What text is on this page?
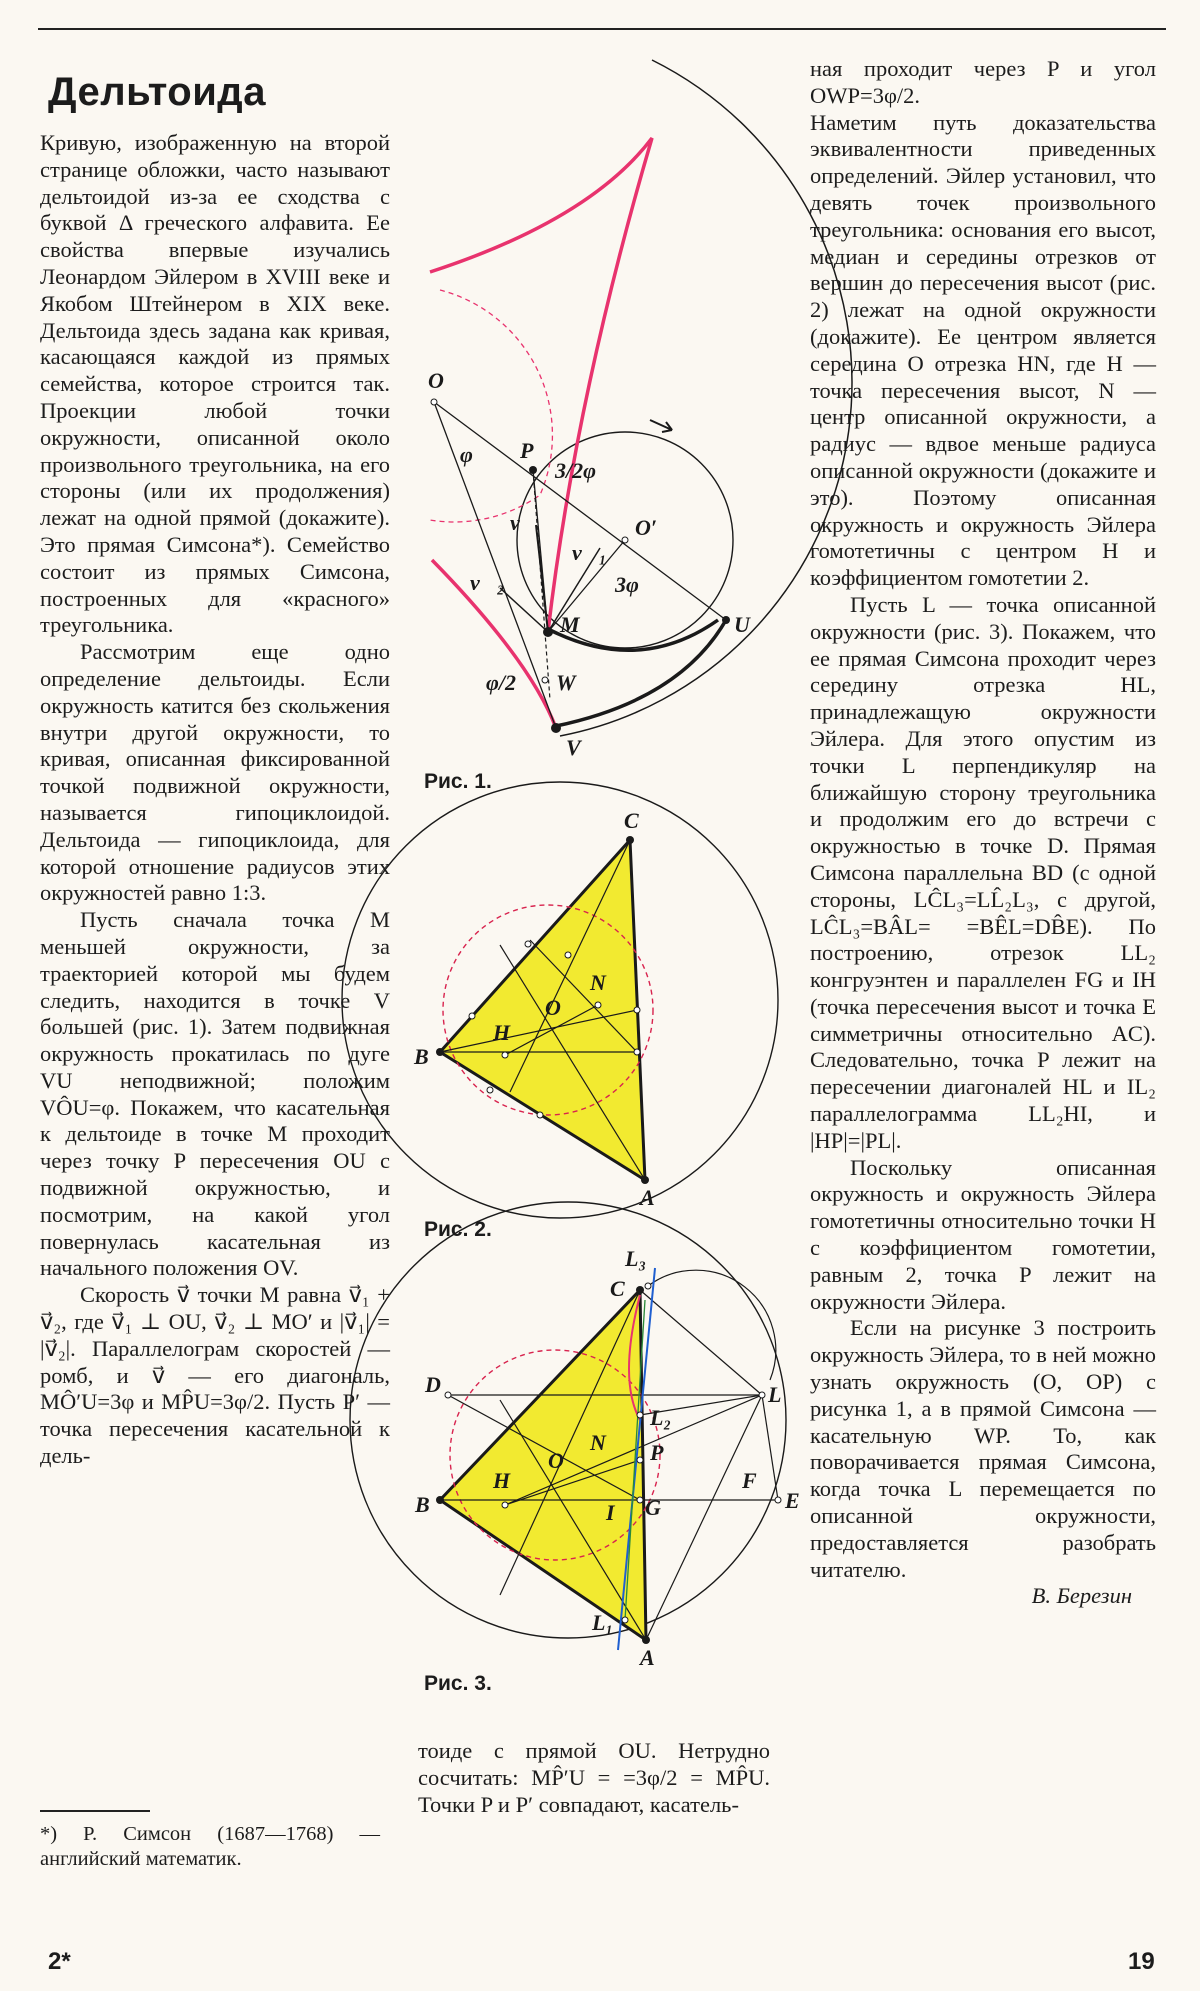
Дельтоида

Кривую, изображенную на второй странице обложки, часто называют дельтоидой из-за ее сходства с буквой Δ греческого алфавита. Ее свойства впервые изучались Леонардом Эйлером в XVIII веке и Якобом Штейнером в XIX веке. Дельтоида здесь задана как кривая, касающаяся каждой из прямых семейства, которое строится так. Проекции любой точки окружности, описанной около произвольного треугольника, на его стороны (или их продолжения) лежат на одной прямой (докажите). Это прямая Симсона*). Семейство состоит из прямых Симсона, построенных для «красного» треугольника.

Рассмотрим еще одно определение дельтоиды. Если окружность катится без скольжения внутри другой окружности, то кривая, описанная фиксированной точкой подвижной окружности, называется гипоциклоидой. Дельтоида — гипоциклоида, для которой отношение радиусов этих окружностей равно 1:3.

Пусть сначала точка M меньшей окружности, за траекторией которой мы будем следить, находится в точке V большей (рис. 1). Затем подвижная окружность прокатилась по дуге VU неподвижной; положим VÔU=φ. Покажем, что касательная к дельтоиде в точке M проходит через точку P пересечения OU с подвижной окружностью, и посмотрим, на какой угол повернулась касательная из начального положения OV.

Скорость v⃗ точки M равна v⃗₁ + v⃗₂, где v⃗₁ ⊥ OU, v⃗₂ ⊥ MO′ и |v⃗₁| = |v⃗₂|. Параллелограм скоростей — ромб, и v⃗ — его диагональ, MÔ′U=3φ и MP̂U=3φ/2. Пусть P′ — точка пересечения касательной к дель-

*) Р. Симсон (1687—1768) — английский математик.

тоиде с прямой OU. Нетрудно сосчитать: MP̂′U = =3φ/2 = MP̂U. Точки P и P′ совпадают, касатель-

ная проходит через P и угол OWP=3φ/2.

Наметим путь доказательства эквивалентности приведенных определений. Эйлер установил, что девять точек произвольного треугольника: основания его высот, медиан и середины отрезков от вершин до пересечения высот (рис. 2) лежат на одной окружности (докажите). Ее центром является середина O отрезка HN, где H — точка пересечения высот, N — центр описанной окружности, а радиус — вдвое меньше радиуса описанной окружности (докажите и это). Поэтому описанная окружность и окружность Эйлера гомотетичны с центром H и коэффициентом гомотетии 2.

Пусть L — точка описанной окружности (рис. 3). Покажем, что ее прямая Симсона проходит через середину отрезка HL, принадлежащую окружности Эйлера. Для этого опустим из точки L перпендикуляр на ближайшую сторону треугольника и продолжим его до встречи с окружностью в точке D. Прямая Симсона параллельна BD (с одной стороны, LĈL₃=LL̂₂L₃, с другой, LĈL₃=BÂL= =BÊL=DB̂E). По построению, отрезок LL₂ конгруэнтен и параллелен FG и IH (точка пересечения высот и точка E симметричны относительно AC). Следовательно, точка P лежит на пересечении диагоналей HL и IL₂ параллелограмма LL₂HI, и |HP|=|PL|.

Поскольку описанная окружность и окружность Эйлера гомотетичны относительно точки H с коэффициентом гомотетии, равным 2, точка P лежит на окружности Эйлера.

Если на рисунке 3 построить окружность Эйлера, то в ней можно узнать окружность (O, OP) с рисунка 1, а в прямой Симсона — касательную WP. То, как поворачивается прямая Симсона, когда точка L перемещается по описанной окружности, предоставляется разобрать читателю.

В. Березин
O
P
O′
M	U
W
V
v⃗
v⃗₁
v⃗₂
φ
3φ
3/2φ
φ/2

Рис. 1.

C
B
A
H
O
N

Рис. 2.

L₃
C
D	L
L₂
P
N
O
H
B	I G
F
E
L₁
A

Рис. 3.

2*	19
